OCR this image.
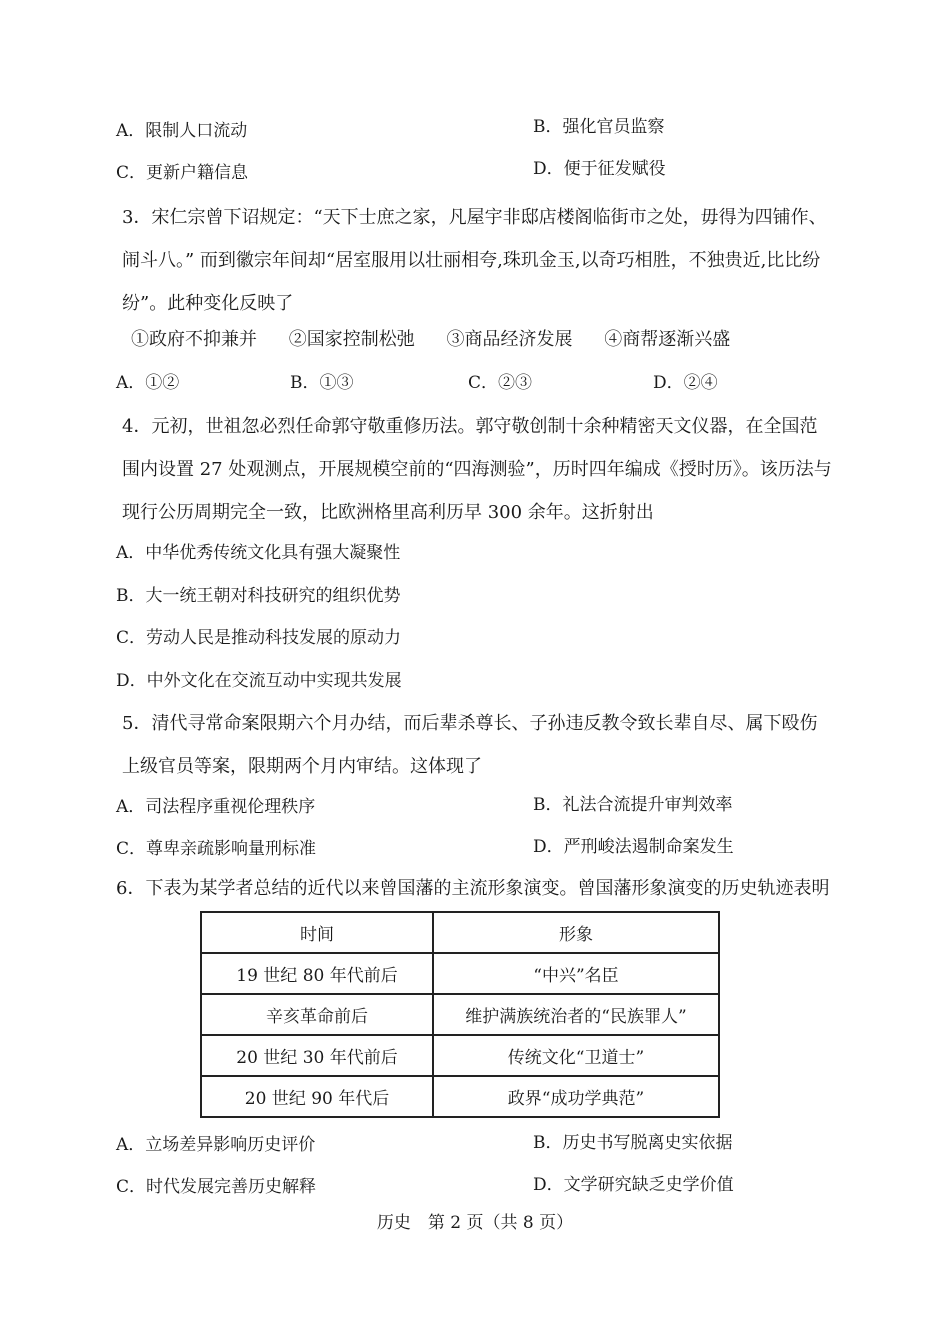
A．限制人口流动	B．强化官员监察
C．更新户籍信息	D．便于征发赋役
3．宋仁宗曾下诏规定：“天下士庶之家，凡屋宇非邸店楼阁临街市之处，毋得为四铺作、闹斗八。” 而到徽宗年间却“居室服用以壮丽相夸,珠玑金玉,以奇巧相胜，不独贵近,比比纷纷”。此种变化反映了
①政府不抑兼并 ②国家控制松弛 ③商品经济发展 ④商帮逐渐兴盛
A．①②	B．①③	C．②③	D．②④
4．元初，世祖忽必烈任命郭守敬重修历法。郭守敬创制十余种精密天文仪器，在全国范围内设置 27 处观测点，开展规模空前的“四海测验”，历时四年编成《授时历》。该历法与现行公历周期完全一致，比欧洲格里高利历早 300 余年。这折射出
A．中华优秀传统文化具有强大凝聚性
B．大一统王朝对科技研究的组织优势
C．劳动人民是推动科技发展的原动力
D．中外文化在交流互动中实现共发展
5．清代寻常命案限期六个月办结，而后辈杀尊长、子孙违反教令致长辈自尽、属下殴伤上级官员等案，限期两个月内审结。这体现了
A．司法程序重视伦理秩序	B．礼法合流提升审判效率
C．尊卑亲疏影响量刑标准	D．严刑峻法遏制命案发生
6．下表为某学者总结的近代以来曾国藩的主流形象演变。曾国藩形象演变的历史轨迹表明
时间	形象
19 世纪 80 年代前后	“中兴”名臣
辛亥革命前后	维护满族统治者的“民族罪人”
20 世纪 30 年代前后	传统文化“卫道士”
20 世纪 90 年代后	政界“成功学典范”
A．立场差异影响历史评价	B．历史书写脱离史实依据
C．时代发展完善历史解释	D．文学研究缺乏史学价值
历史　第 2 页（共 8 页）
